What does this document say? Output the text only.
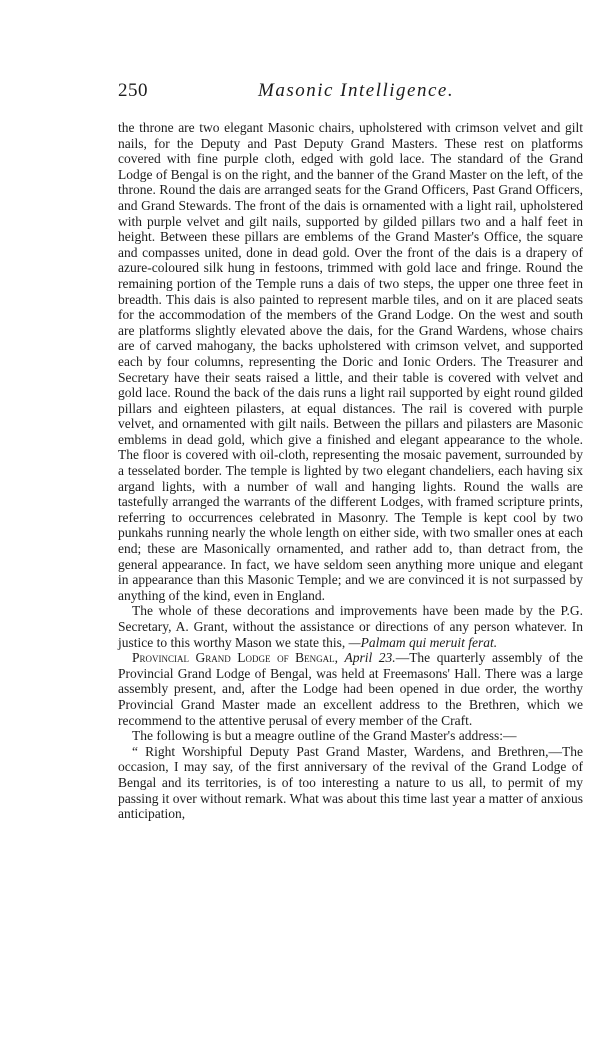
250	Masonic Intelligence.

the throne are two elegant Masonic chairs, upholstered with crimson velvet and gilt nails, for the Deputy and Past Deputy Grand Masters. These rest on platforms covered with fine purple cloth, edged with gold lace. The standard of the Grand Lodge of Bengal is on the right, and the banner of the Grand Master on the left, of the throne. Round the dais are arranged seats for the Grand Officers, Past Grand Officers, and Grand Stewards. The front of the dais is ornamented with a light rail, upholstered with purple velvet and gilt nails, supported by gilded pillars two and a half feet in height. Between these pillars are emblems of the Grand Master's Office, the square and compasses united, done in dead gold. Over the front of the dais is a drapery of azure-coloured silk hung in festoons, trimmed with gold lace and fringe. Round the remaining portion of the Temple runs a dais of two steps, the upper one three feet in breadth. This dais is also painted to represent marble tiles, and on it are placed seats for the accommodation of the members of the Grand Lodge. On the west and south are platforms slightly elevated above the dais, for the Grand Wardens, whose chairs are of carved mahogany, the backs upholstered with crimson velvet, and supported each by four columns, representing the Doric and Ionic Orders. The Treasurer and Secretary have their seats raised a little, and their table is covered with velvet and gold lace. Round the back of the dais runs a light rail supported by eight round gilded pillars and eighteen pilasters, at equal distances. The rail is covered with purple velvet, and ornamented with gilt nails. Between the pillars and pilasters are Masonic emblems in dead gold, which give a finished and elegant appearance to the whole. The floor is covered with oil-cloth, representing the mosaic pavement, surrounded by a tesselated border. The temple is lighted by two elegant chandeliers, each having six argand lights, with a number of wall and hanging lights. Round the walls are tastefully arranged the warrants of the different Lodges, with framed scripture prints, referring to occurrences celebrated in Masonry. The Temple is kept cool by two punkahs running nearly the whole length on either side, with two smaller ones at each end; these are Masonically ornamented, and rather add to, than detract from, the general appearance. In fact, we have seldom seen anything more unique and elegant in appearance than this Masonic Temple; and we are convinced it is not surpassed by anything of the kind, even in England.

The whole of these decorations and improvements have been made by the P.G. Secretary, A. Grant, without the assistance or directions of any person whatever. In justice to this worthy Mason we state this, —Palmam qui meruit ferat.

Provincial Grand Lodge of Bengal, April 23.—The quarterly assembly of the Provincial Grand Lodge of Bengal, was held at Freemasons' Hall. There was a large assembly present, and, after the Lodge had been opened in due order, the worthy Provincial Grand Master made an excellent address to the Brethren, which we recommend to the attentive perusal of every member of the Craft.

The following is but a meagre outline of the Grand Master's address:—

“ Right Worshipful Deputy Past Grand Master, Wardens, and Brethren,—The occasion, I may say, of the first anniversary of the revival of the Grand Lodge of Bengal and its territories, is of too interesting a nature to us all, to permit of my passing it over without remark. What was about this time last year a matter of anxious anticipation,
